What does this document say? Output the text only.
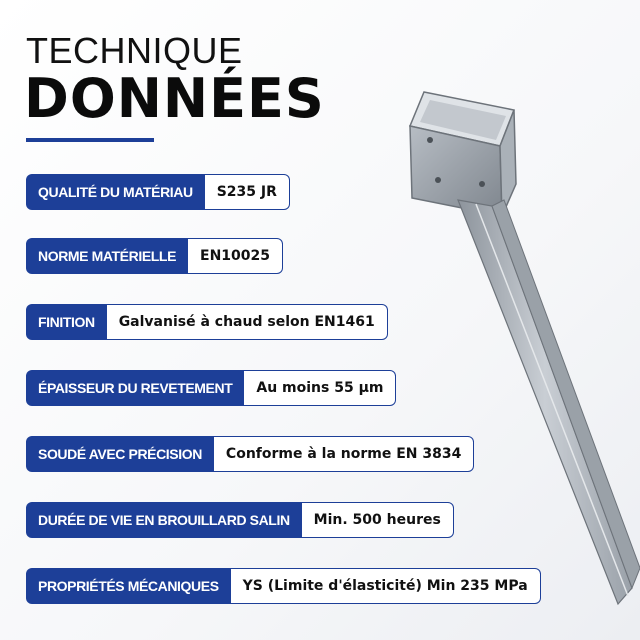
TECHNIQUE
DONNÉES
QUALITÉ DU MATÉRIAU	S235 JR
NORME MATÉRIELLE	EN10025
FINITION	Galvanisé à chaud selon EN1461
ÉPAISSEUR DU REVETEMENT	Au moins 55 µm
SOUDÉ AVEC PRÉCISION	Conforme à la norme EN 3834
DURÉE DE VIE EN BROUILLARD SALIN	Min. 500 heures
PROPRIÉTÉS MÉCANIQUES	YS (Limite d'élasticité) Min 235 MPa
